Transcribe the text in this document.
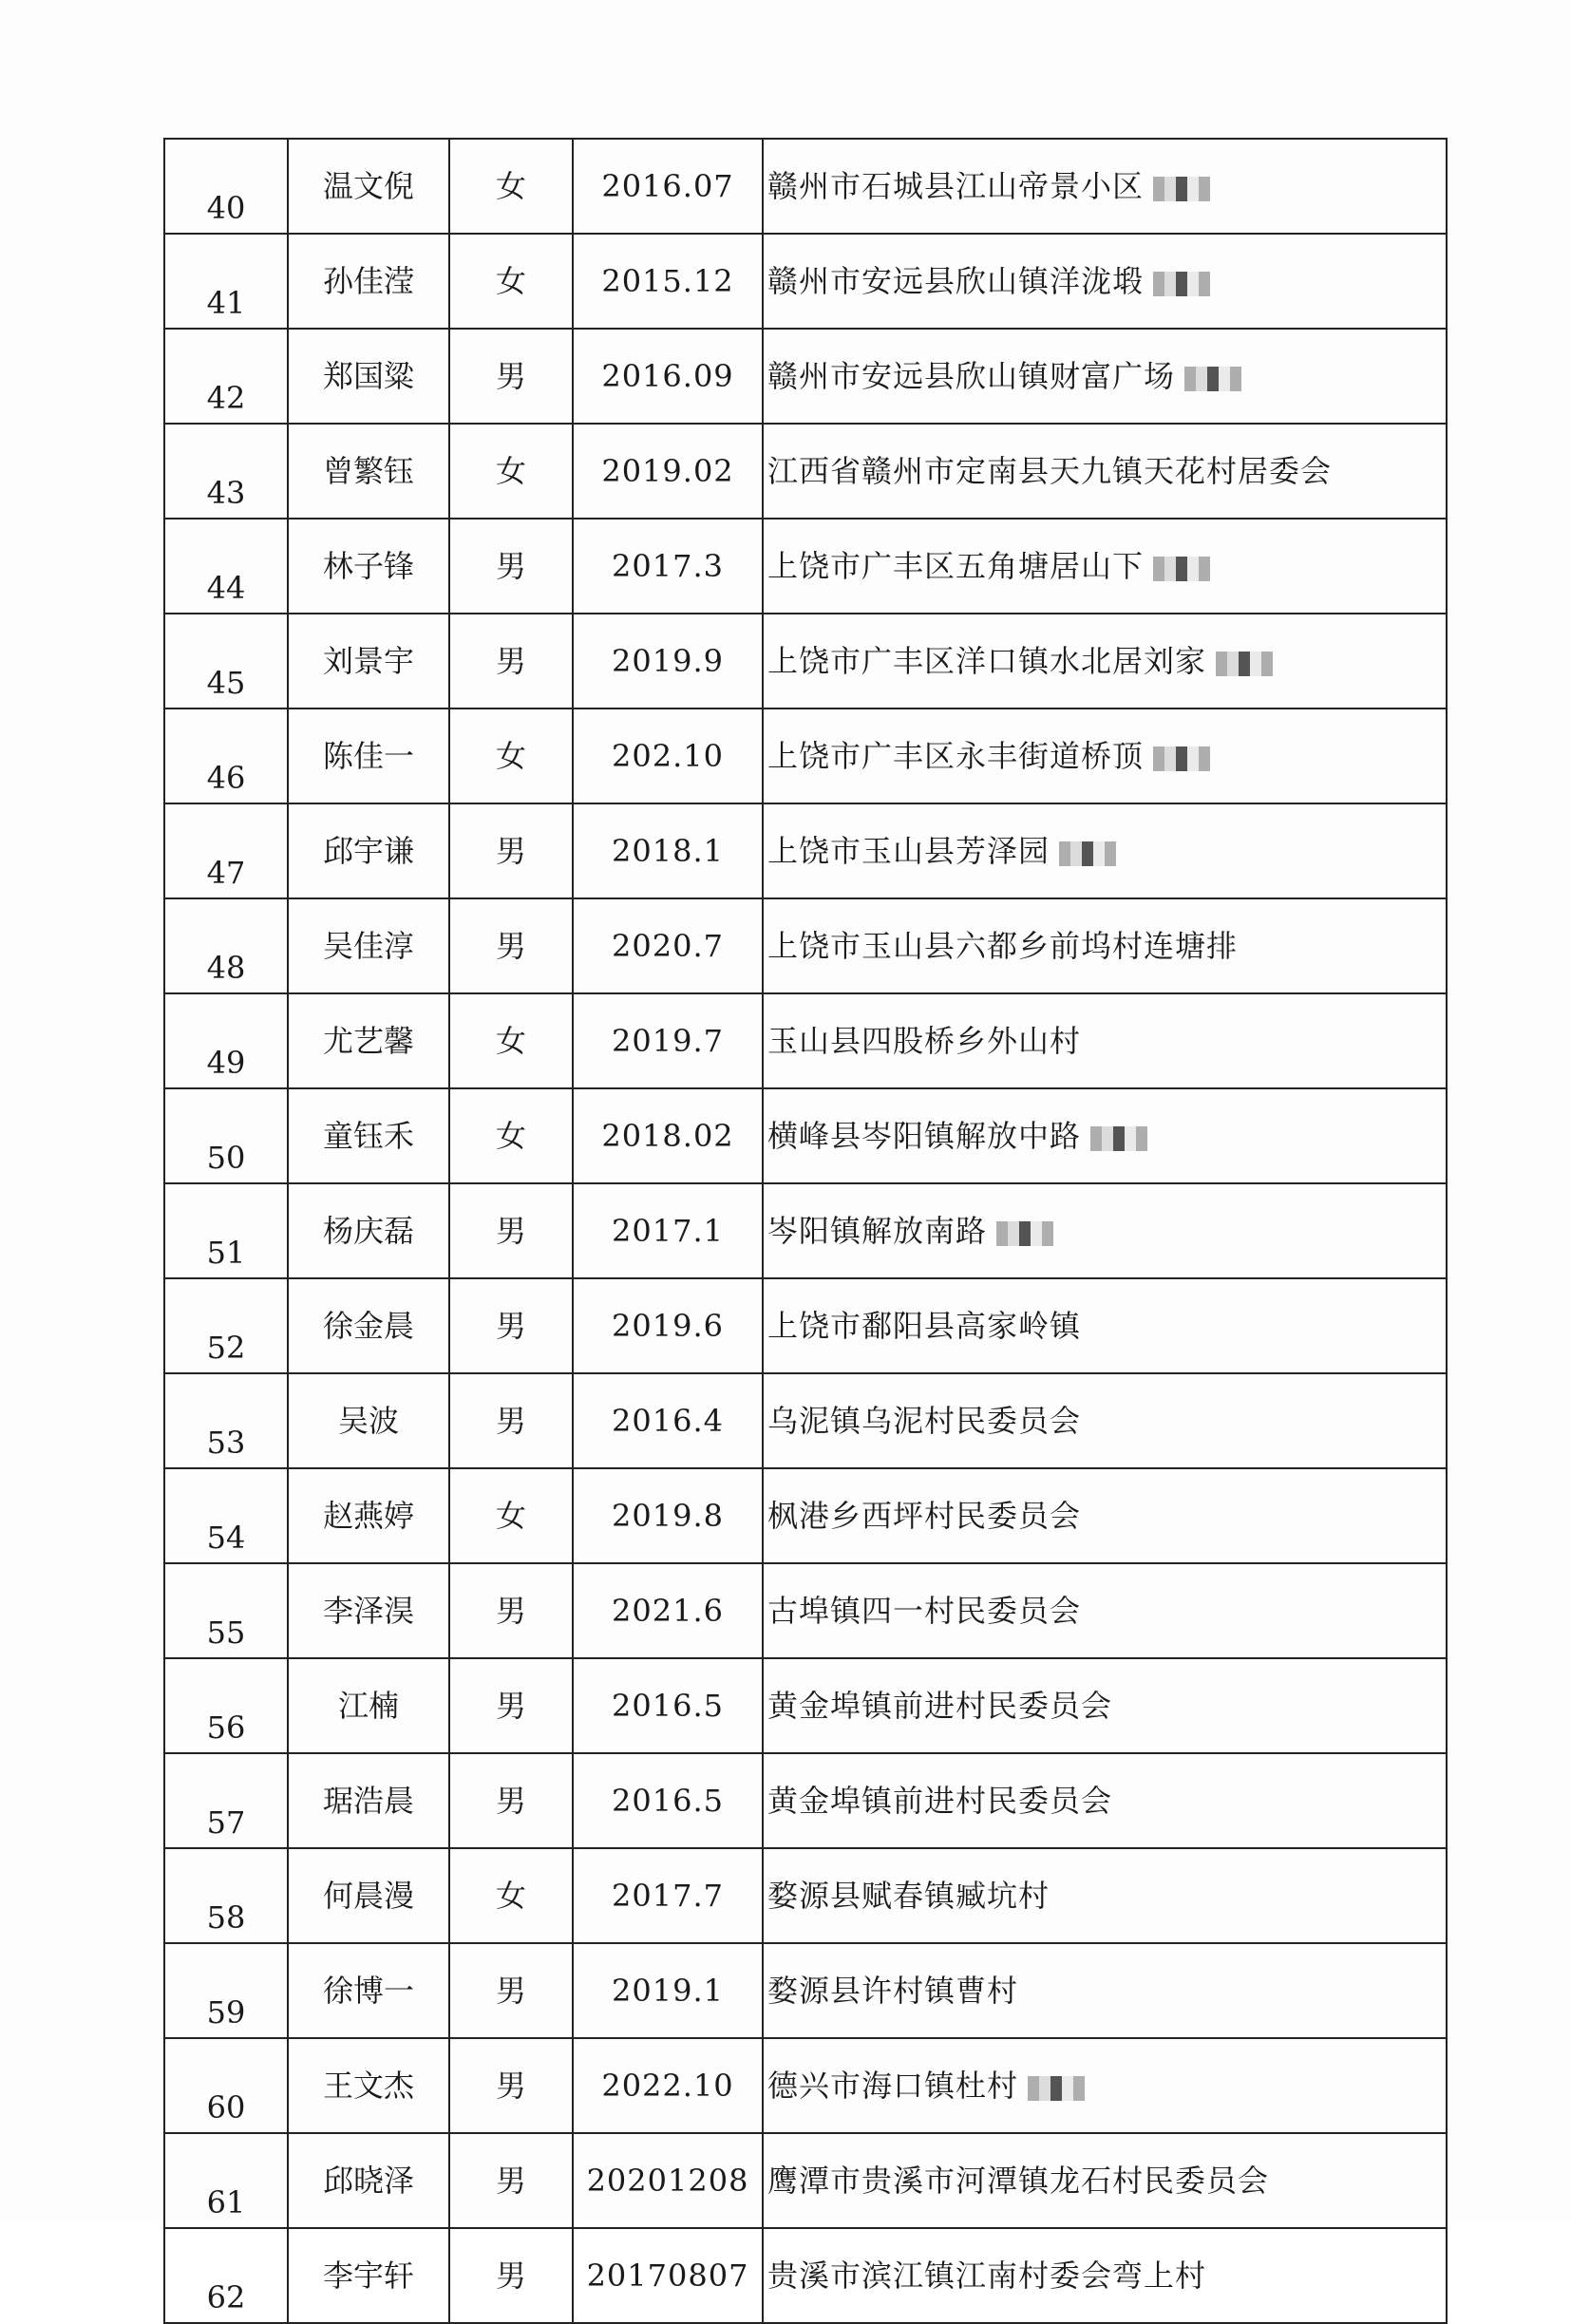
40	温文倪	女	2016.07	赣州市石城县江山帝景小区
41	孙佳滢	女	2015.12	赣州市安远县欣山镇洋泷塅
42	郑国粱	男	2016.09	赣州市安远县欣山镇财富广场
43	曾繁钰	女	2019.02	江西省赣州市定南县天九镇天花村居委会
44	林子锋	男	2017.3	上饶市广丰区五角塘居山下
45	刘景宇	男	2019.9	上饶市广丰区洋口镇水北居刘家
46	陈佳一	女	202.10	上饶市广丰区永丰街道桥顶
47	邱宇谦	男	2018.1	上饶市玉山县芳泽园
48	吴佳淳	男	2020.7	上饶市玉山县六都乡前坞村连塘排
49	尤艺馨	女	2019.7	玉山县四股桥乡外山村
50	童钰禾	女	2018.02	横峰县岑阳镇解放中路
51	杨庆磊	男	2017.1	岑阳镇解放南路
52	徐金晨	男	2019.6	上饶市鄱阳县高家岭镇
53	吴波	男	2016.4	乌泥镇乌泥村民委员会
54	赵燕婷	女	2019.8	枫港乡西坪村民委员会
55	李泽淏	男	2021.6	古埠镇四一村民委员会
56	江楠	男	2016.5	黄金埠镇前进村民委员会
57	琚浩晨	男	2016.5	黄金埠镇前进村民委员会
58	何晨漫	女	2017.7	婺源县赋春镇臧坑村
59	徐博一	男	2019.1	婺源县许村镇曹村
60	王文杰	男	2022.10	德兴市海口镇杜村
61	邱晓泽	男	20201208	鹰潭市贵溪市河潭镇龙石村民委员会
62	李宇轩	男	20170807	贵溪市滨江镇江南村委会弯上村
